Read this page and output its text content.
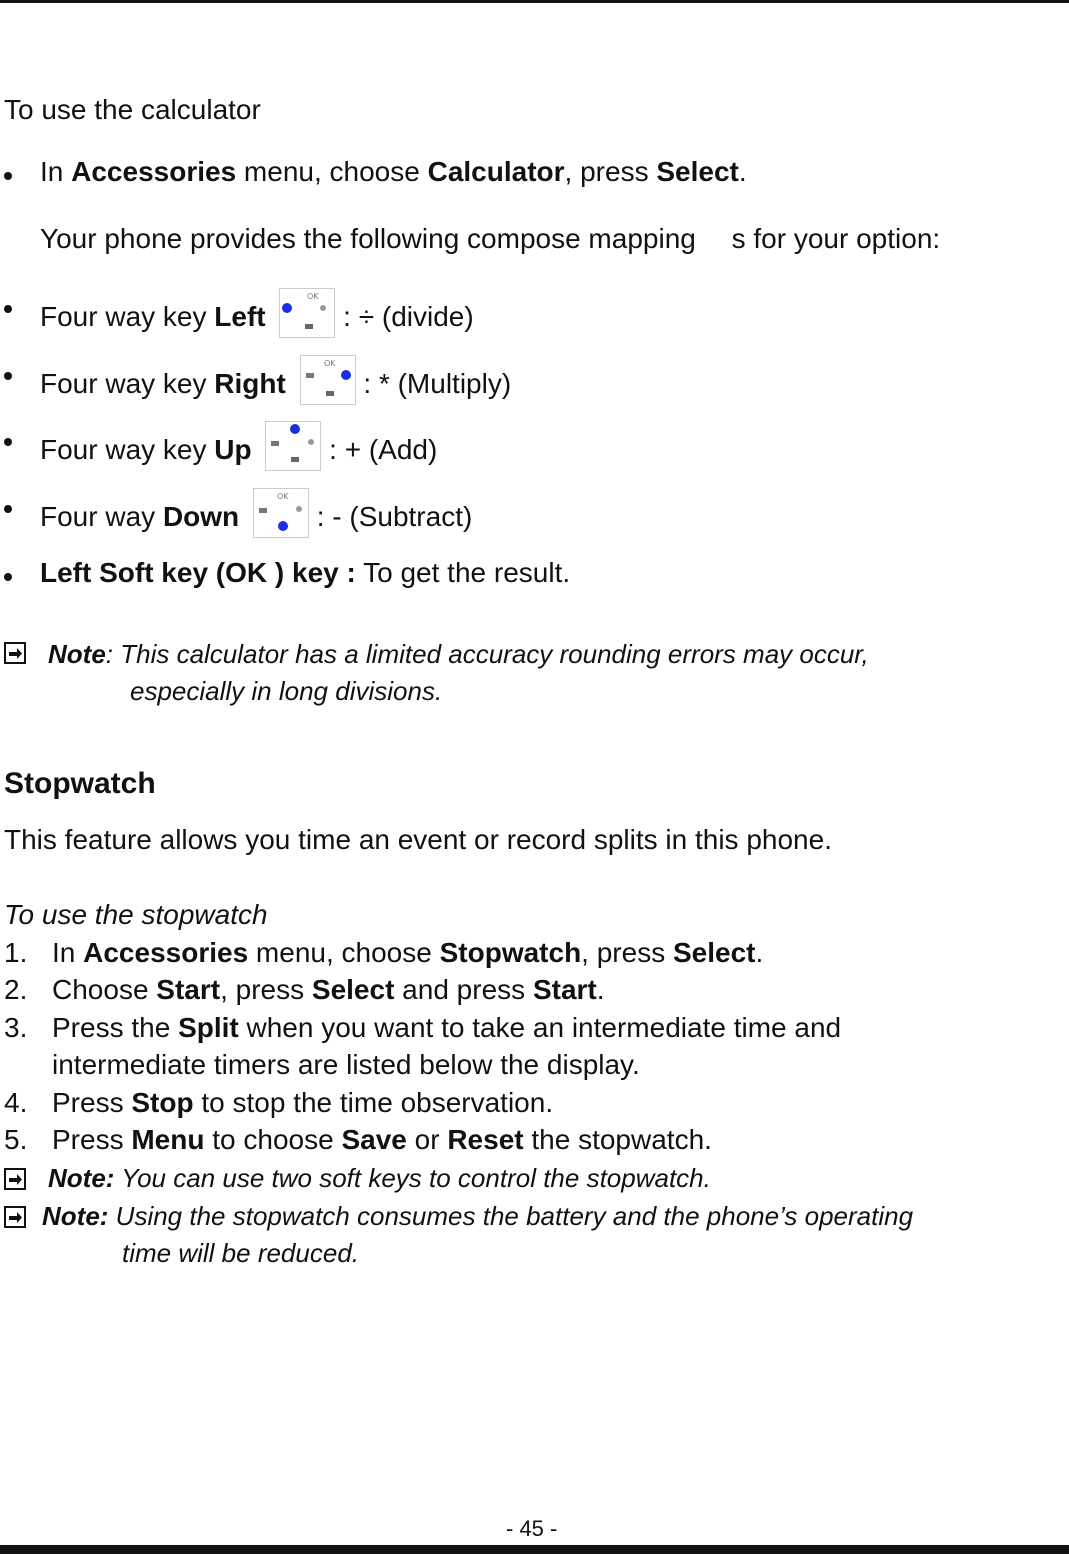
To use the calculator
In Accessories menu, choose Calculator, press Select.
Your phone provides the following compose mapping  s for your option:
Four way key Left
OK
: ÷ (divide)
Four way key Right
OK
: * (Multiply)
Four way key Up	: + (Add)
Four way Down
OK
: - (Subtract)
Left Soft key (OK ) key : To get the result.
Note: This calculator has a limited accuracy rounding errors may occur,
especially in long divisions.
Stopwatch
This feature allows you time an event or record splits in this phone.
To use the stopwatch
1. In Accessories menu, choose Stopwatch, press Select.
2. Choose Start, press Select and press Start.
3. Press the Split when you want to take an intermediate time and
intermediate timers are listed below the display.
4. Press Stop to stop the time observation.
5. Press Menu to choose Save or Reset the stopwatch.
Note: You can use two soft keys to control the stopwatch.
Note: Using the stopwatch consumes the battery and the phone’s operating
time will be reduced.
- 45 -
